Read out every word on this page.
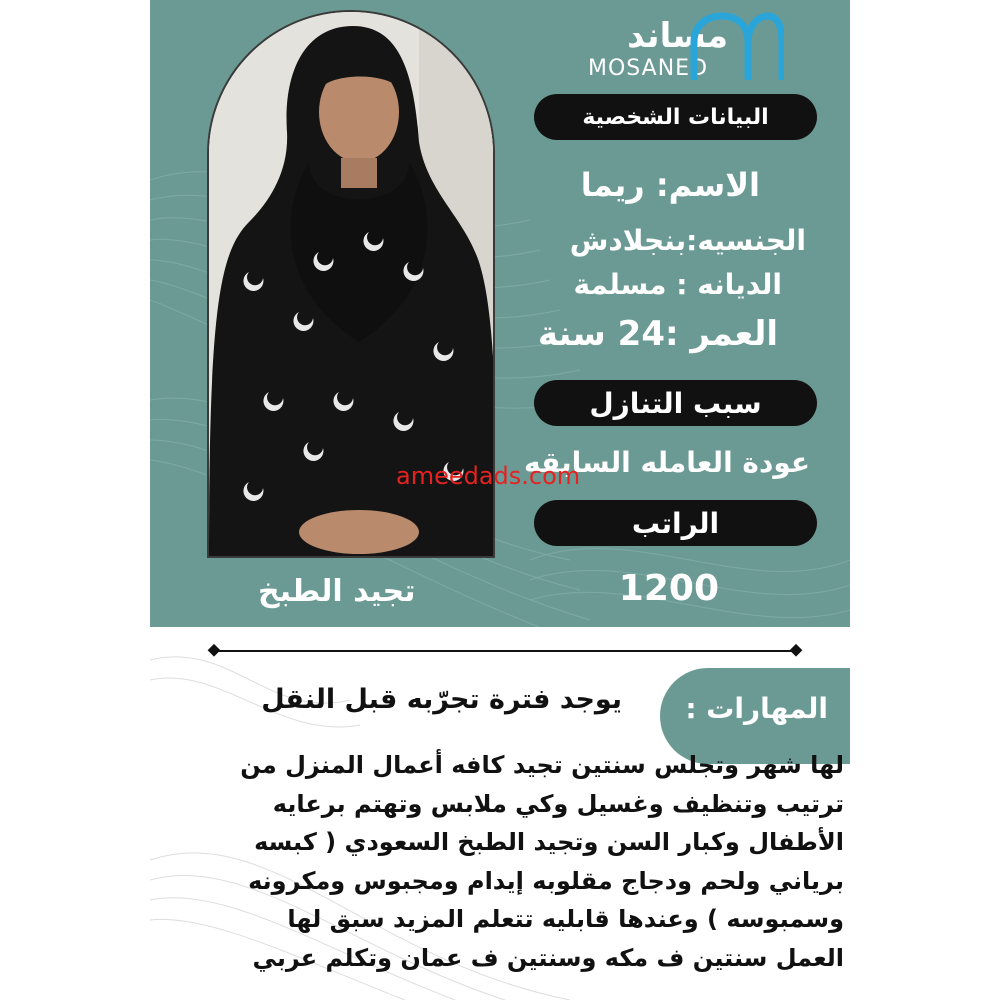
مساند
MOSANED
البيانات الشخصية
الاسم: ريما
الجنسيه:بنجلادش
الديانه : مسلمة
العمر :24 سنة
سبب التنازل
عودة العامله السابقه
الراتب
1200
تجيد الطبخ
المهارات :
يوجد فترة تجرّبه قبل النقل
لها شهر وتجلس سنتين تجيد كافه أعمال المنزل من
ترتيب وتنظيف وغسيل وكي ملابس وتهتم برعايه
الأطفال وكبار السن وتجيد الطبخ السعودي ( كبسه
برياني ولحم ودجاج مقلوبه إيدام ومجبوس ومكرونه
وسمبوسه ) وعندها قابليه تتعلم المزيد سبق لها
العمل سنتين ف مكه وسنتين ف عمان وتكلم عربي
ameedads.com
